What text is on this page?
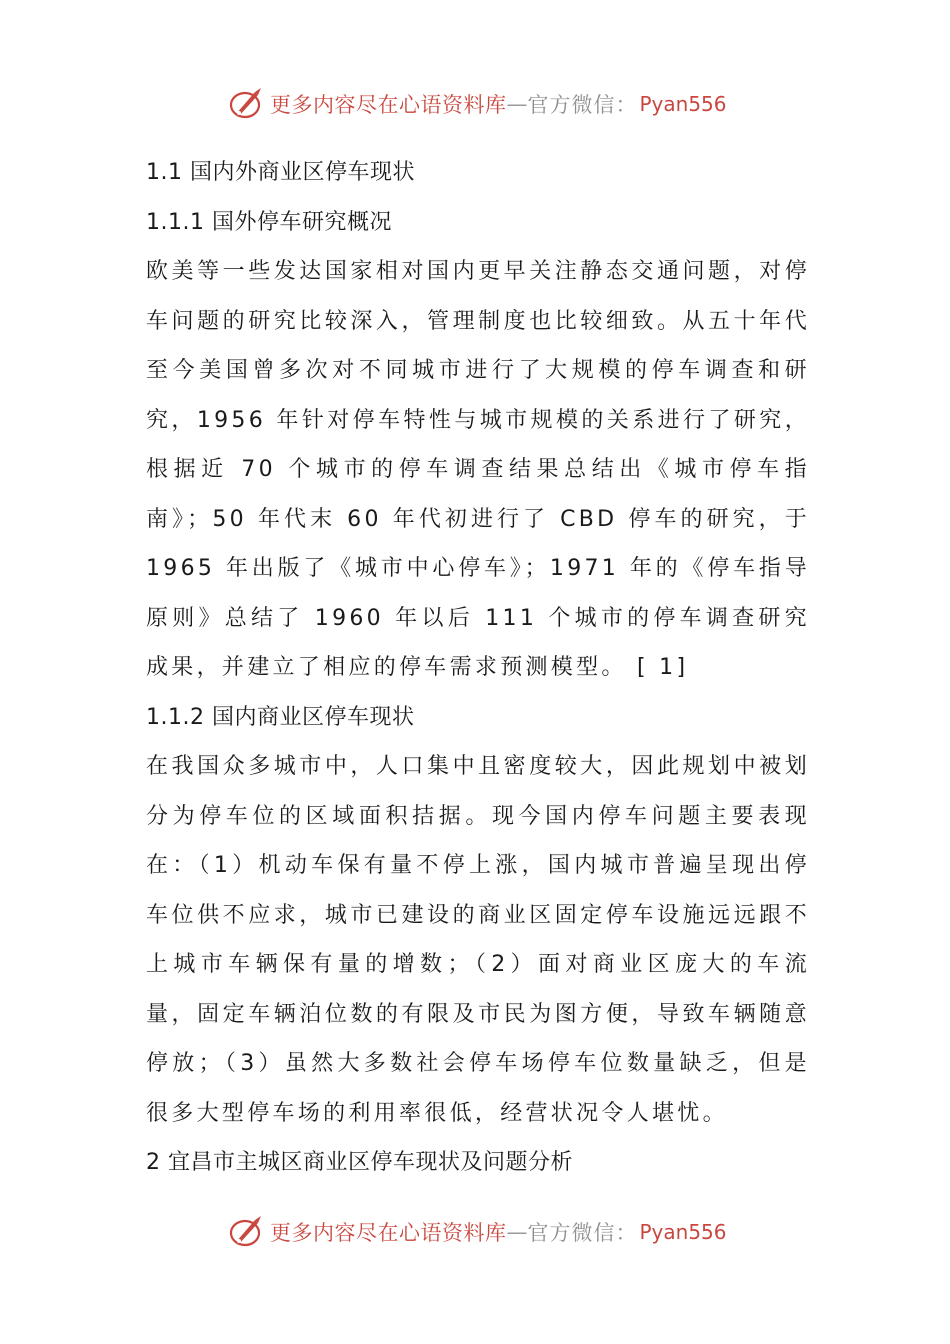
更多内容尽在心语资料库 — 官方微信： Pyan556

1.1 国内外商业区停车现状

1.1.1 国外停车研究概况

欧美等一些发达国家相对国内更早关注静态交通问题，对停车问题的研究比较深入，管理制度也比较细致。从五十年代至今美国曾多次对不同城市进行了大规模的停车调查和研究，1956 年针对停车特性与城市规模的关系进行了研究，根据近 70 个城市的停车调查结果总结出《城市停车指南》；50 年代末 60 年代初进行了 CBD 停车的研究，于 1965 年出版了《城市中心停车》；1971 年的《停车指导原则》总结了 1960 年以后 111 个城市的停车调查研究成果，并建立了相应的停车需求预测模型。 [ 1]

1.1.2 国内商业区停车现状

在我国众多城市中，人口集中且密度较大，因此规划中被划分为停车位的区域面积拮据。现今国内停车问题主要表现在：（1）机动车保有量不停上涨，国内城市普遍呈现出停车位供不应求，城市已建设的商业区固定停车设施远远跟不上城市车辆保有量的增数；（2）面对商业区庞大的车流量，固定车辆泊位数的有限及市民为图方便，导致车辆随意停放；（3）虽然大多数社会停车场停车位数量缺乏，但是很多大型停车场的利用率很低，经营状况令人堪忧。

2 宜昌市主城区商业区停车现状及问题分析

更多内容尽在心语资料库 — 官方微信： Pyan556
